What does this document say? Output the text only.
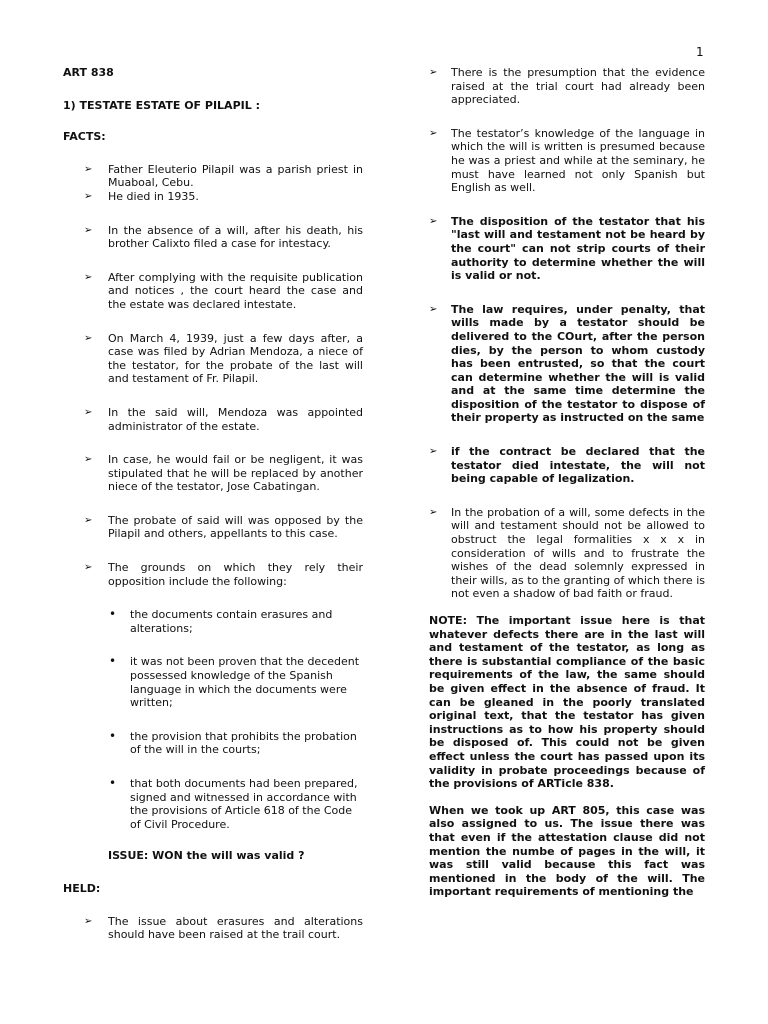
1

ART 838

1) TESTATE ESTATE OF PILAPIL :

FACTS:

➢ Father Eleuterio Pilapil was a parish priest in Muaboal, Cebu.

➢ He died in 1935.

➢ In the absence of a will, after his death, his brother Calixto filed a case for intestacy.

➢ After complying with the requisite publication and notices , the court heard the case and the estate was declared intestate.

➢ On March 4, 1939, just a few days after, a case was filed by Adrian Mendoza, a niece of the testator, for the probate of the last will and testament of Fr. Pilapil.

➢ In the said will, Mendoza was appointed administrator of the estate.

➢ In case, he would fail or be negligent, it was stipulated that he will be replaced by another niece of the testator, Jose Cabatingan.

➢ The probate of said will was opposed by the Pilapil and others, appellants to this case.

➢ The grounds on which they rely their opposition include the following:

• the documents contain erasures and alterations;

• it was not been proven that the decedent possessed knowledge of the Spanish language in which the documents were written;

• the provision that prohibits the probation of the will in the courts;

• that both documents had been prepared, signed and witnessed in accordance with the provisions of Article 618 of the Code of Civil Procedure.

ISSUE: WON the will was valid ?

HELD:

➢ The issue about erasures and alterations should have been raised at the trail court.

➢ There is the presumption that the evidence raised at the trial court had already been appreciated.

➢ The testator’s knowledge of the language in which the will is written is presumed because he was a priest and while at the seminary, he must have learned not only Spanish but English as well.

➢ The disposition of the testator that his "last will and testament not be heard by the court" can not strip courts of their authority to determine whether the will is valid or not.

➢ The law requires, under penalty, that wills made by a testator should be delivered to the COurt, after the person dies, by the person to whom custody has been entrusted, so that the court can determine whether the will is valid and at the same time determine the disposition of the testator to dispose of their property as instructed on the same

➢ if the contract be declared that the testator died intestate, the will not being capable of legalization.

➢ In the probation of a will, some defects in the will and testament should not be allowed to obstruct the legal formalities x x x in consideration of wills and to frustrate the wishes of the dead solemnly expressed in their wills, as to the granting of which there is not even a shadow of bad faith or fraud.

NOTE: The important issue here is that whatever defects there are in the last will and testament of the testator, as long as there is substantial compliance of the basic requirements of the law, the same should be given effect in the absence of fraud. It can be gleaned in the poorly translated original text, that the testator has given instructions as to how his property should be disposed of. This could not be given effect unless the court has passed upon its validity in probate proceedings because of the provisions of ARTicle 838.

When we took up ART 805, this case was also assigned to us. The issue there was that even if the attestation clause did not mention the numbe of pages in the will, it was still valid because this fact was mentioned in the body of the will. The important requirements of mentioning the
